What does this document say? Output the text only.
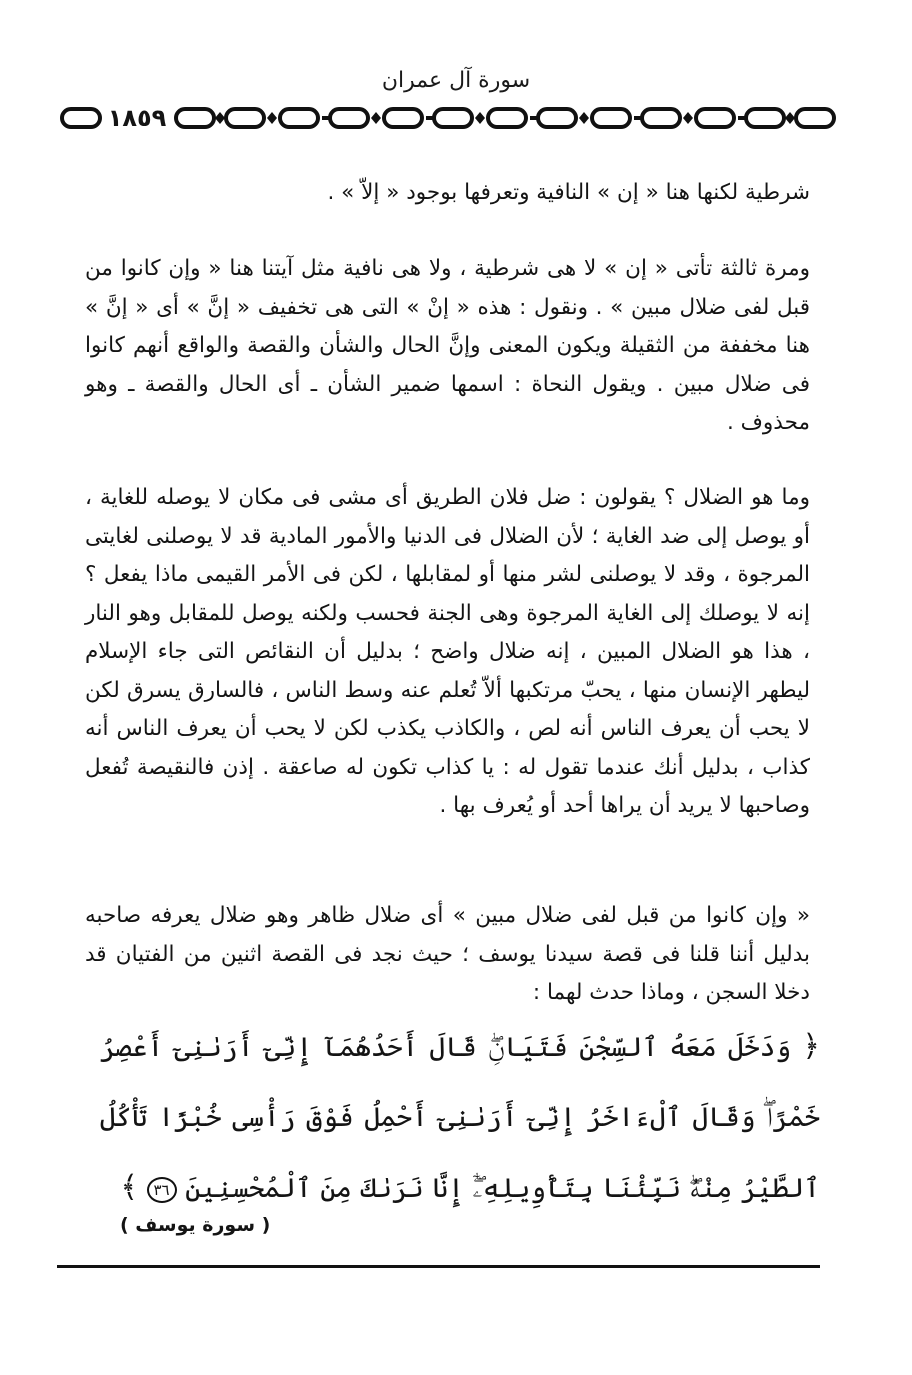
سورة آل عمران
١٨٥٩

شرطية لكنها هنا « إن » النافية وتعرفها بوجود « إلاّ » .

ومرة ثالثة تأتى « إن » لا هى شرطية ، ولا هى نافية مثل آيتنا هنا « وإن كانوا من قبل لفى ضلال مبين » . ونقول : هذه « إنْ » التى هى تخفيف « إنَّ » أى « إنَّ » هنا مخففة من الثقيلة ويكون المعنى وإنَّ الحال والشأن والقصة والواقع أنهم كانوا فى ضلال مبين . ويقول النحاة : اسمها ضمير الشأن ـ أى الحال والقصة ـ وهو محذوف .

وما هو الضلال ؟ يقولون : ضل فلان الطريق أى مشى فى مكان لا يوصله للغاية ، أو يوصل إلى ضد الغاية ؛ لأن الضلال فى الدنيا والأمور المادية قد لا يوصلنى لغايتى المرجوة ، وقد لا يوصلنى لشر منها أو لمقابلها ، لكن فى الأمر القيمى ماذا يفعل ؟ إنه لا يوصلك إلى الغاية المرجوة وهى الجنة فحسب ولكنه يوصل للمقابل وهو النار ، هذا هو الضلال المبين ، إنه ضلال واضح ؛ بدليل أن النقائص التى جاء الإسلام ليطهر الإنسان منها ، يحبّ مرتكبها ألاّ تُعلم عنه وسط الناس ، فالسارق يسرق لكن لا يحب أن يعرف الناس أنه لص ، والكاذب يكذب لكن لا يحب أن يعرف الناس أنه كذاب ، بدليل أنك عندما تقول له : يا كذاب تكون له صاعقة . إذن فالنقيصة تُفعل وصاحبها لا يريد أن يراها أحد أو يُعرف بها .

« وإن كانوا من قبل لفى ضلال مبين » أى ضلال ظاهر وهو ضلال يعرفه صاحبه بدليل أننا قلنا فى قصة سيدنا يوسف ؛ حيث نجد فى القصة اثنين من الفتيان قد دخلا السجن ، وماذا حدث لهما :

﴿ وَدَخَلَ مَعَهُ ٱلسِّجْنَ فَتَيَانِۖ قَالَ أَحَدُهُمَآ إِنِّىٓ أَرَىٰنِىٓ أَعْصِرُ خَمْرًاۖ وَقَالَ ٱلْءَاخَرُ إِنِّىٓ أَرَىٰنِىٓ أَحْمِلُ فَوْقَ رَأْسِى خُبْزًا تَأْكُلُ ٱلطَّيْرُ مِنْهُۖ نَبِّئْنَا بِتَأْوِيلِهِۦٓۖ إِنَّا نَرَىٰكَ مِنَ ٱلْمُحْسِنِينَ ٣٦ ﴾
( سورة يوسف )
